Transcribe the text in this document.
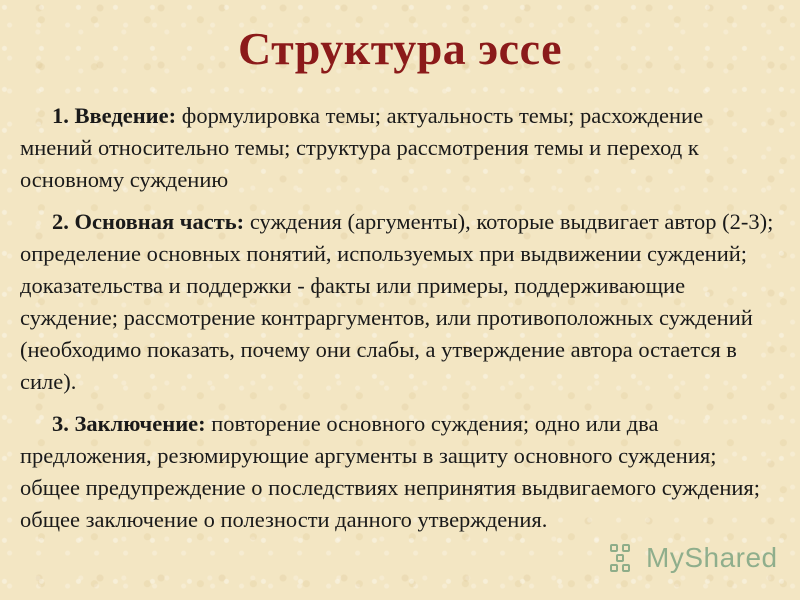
Структура эссе

1. Введение: формулировка темы; актуальность темы; расхождение мнений относительно темы; структура рассмотрения темы и переход к основному суждению

2. Основная часть: суждения (аргументы), которые выдвигает автор (2-3); определение основных понятий, используемых при выдвижении суждений; доказательства и поддержки - факты или примеры, поддерживающие суждение; рассмотрение контраргументов, или противоположных суждений (необходимо показать, почему они слабы, а утверждение автора остается в силе).

3. Заключение: повторение основного суждения; одно или два предложения, резюмирующие аргументы в защиту основного суждения; общее предупреждение о последствиях непринятия выдвигаемого суждения; общее заключение о полезности данного утверждения.

MyShared
